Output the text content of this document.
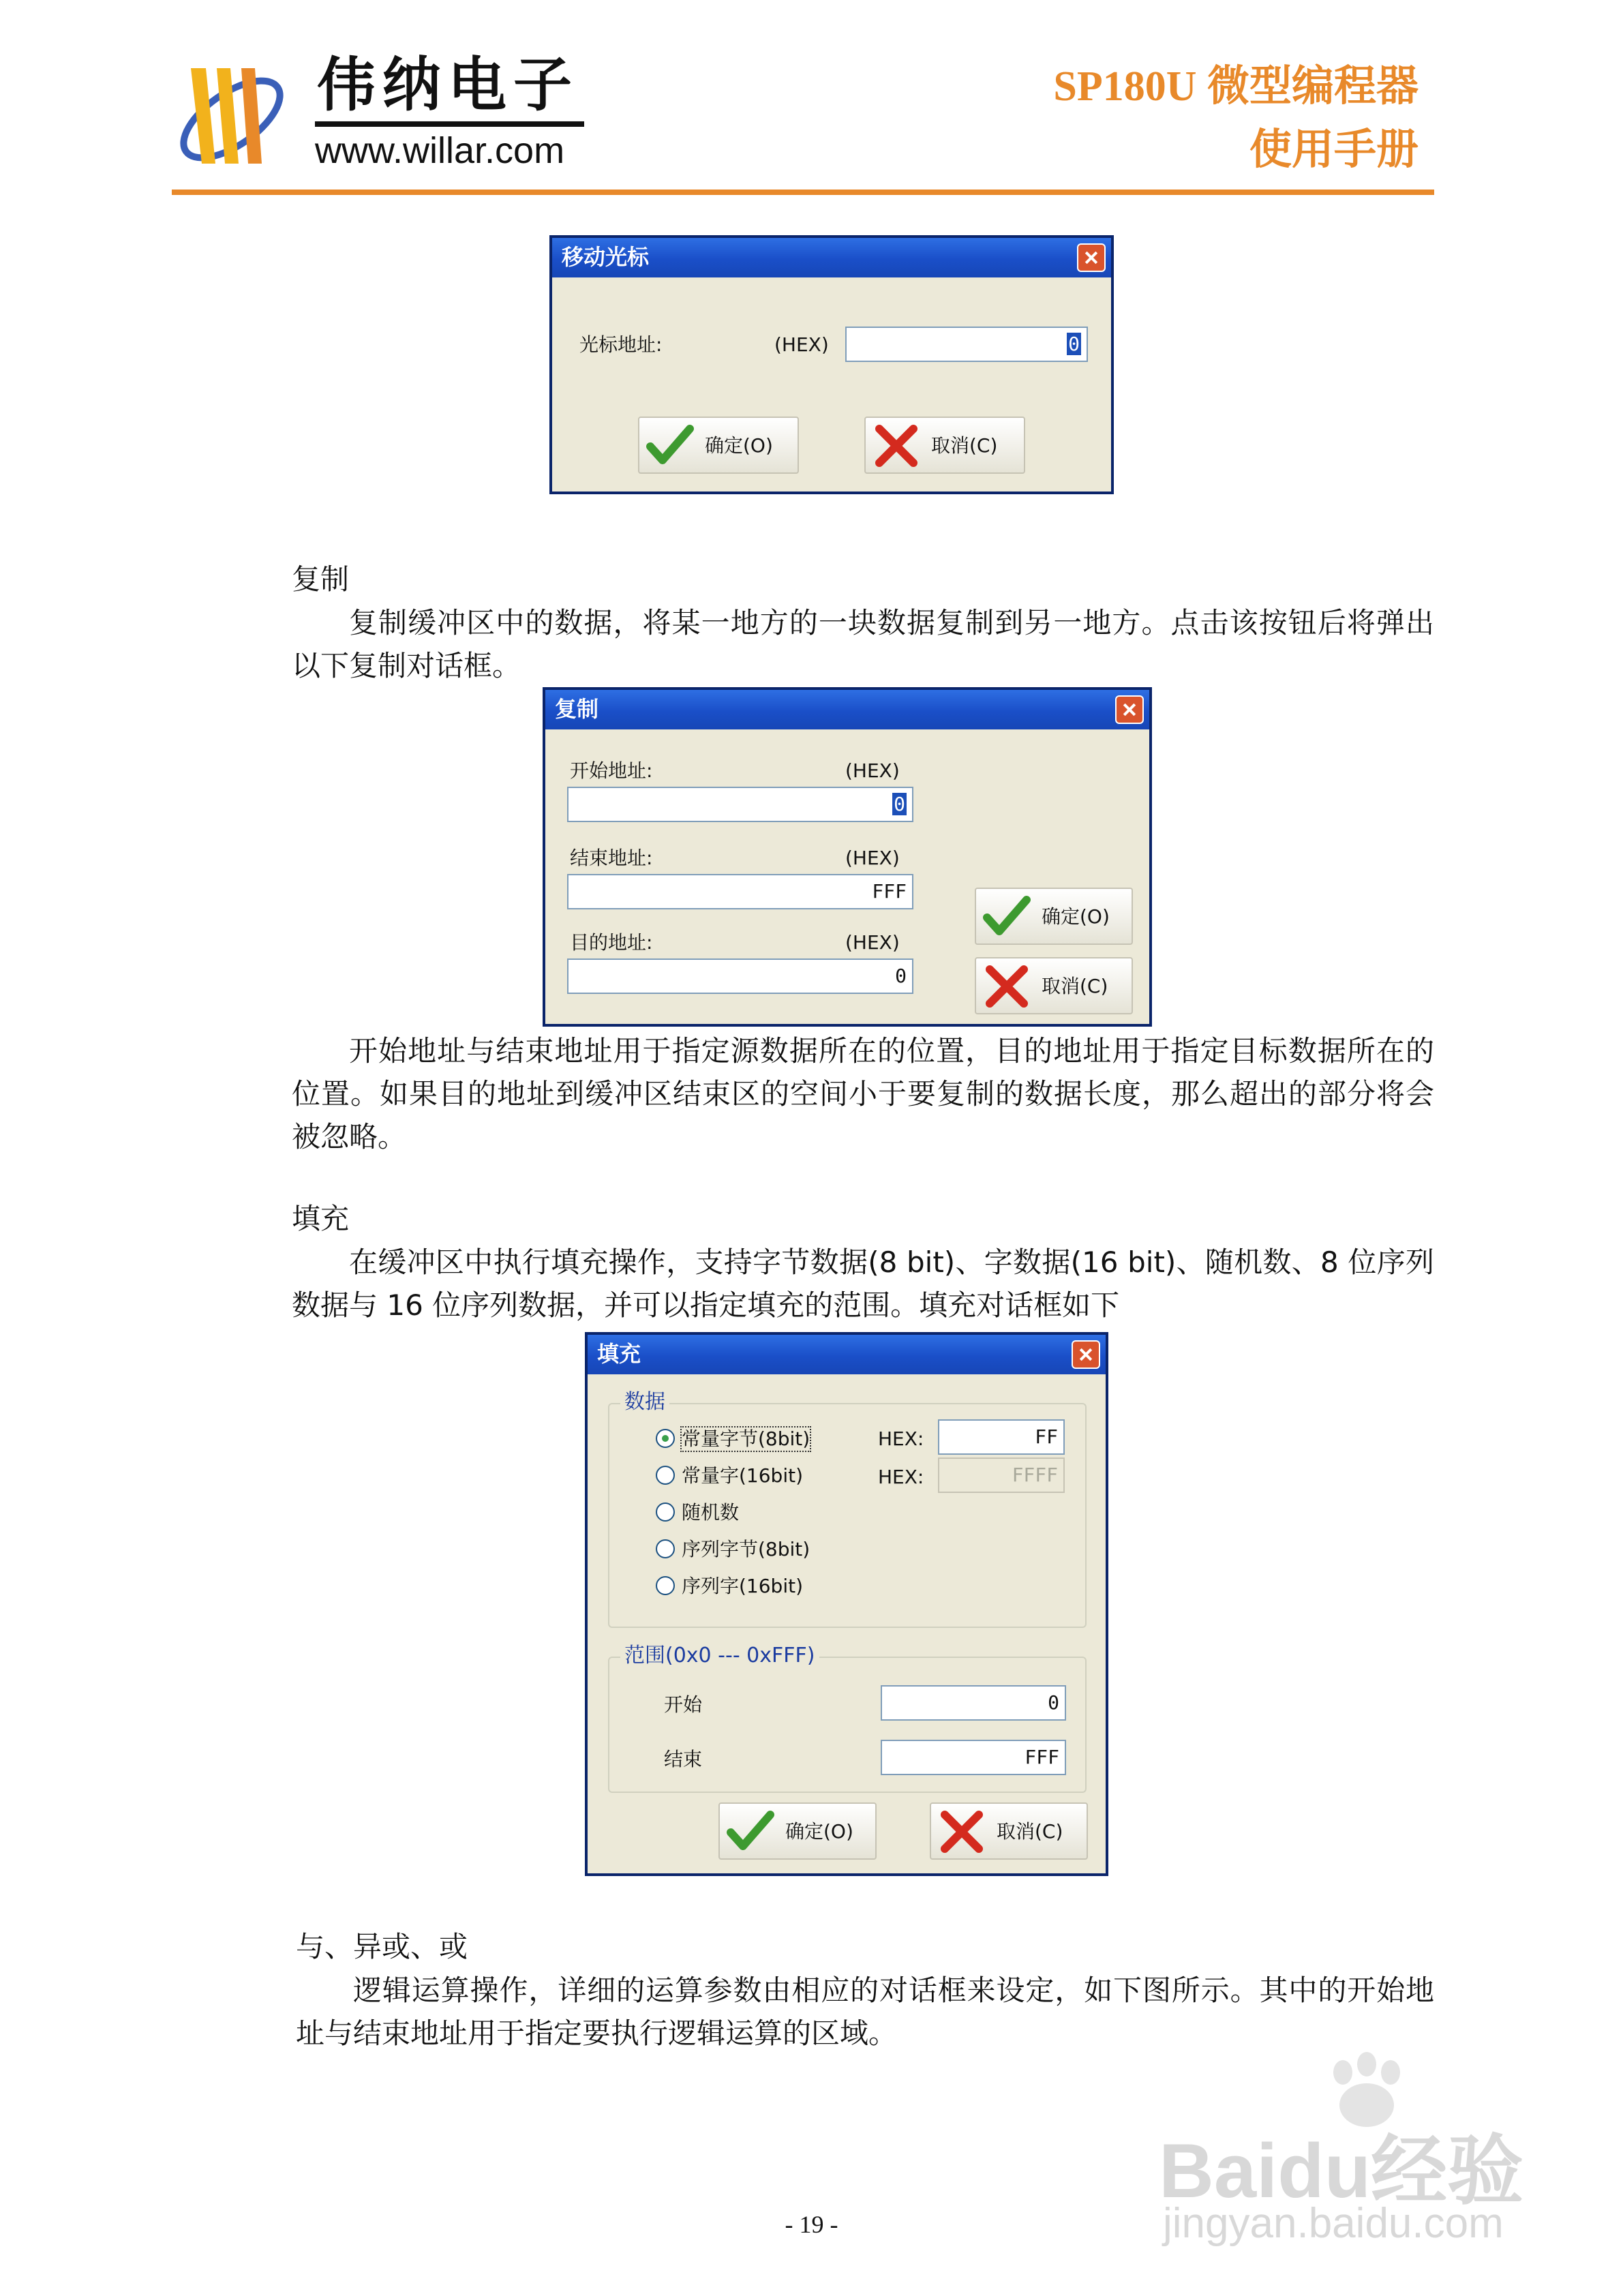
伟纳电子
www.willar.com
SP180U 微型编程器
使用手册
移动光标
光标地址:	(HEX)	0
确定(O)	取消(C)
复制
复制缓冲区中的数据，将某一地方的一块数据复制到另一地方。点击该按钮后将弹出以下复制对话框。
复制
开始地址:	(HEX)
0
结束地址:	(HEX)
FFF
目的地址:	(HEX)
0
确定(O)
取消(C)
开始地址与结束地址用于指定源数据所在的位置，目的地址用于指定目标数据所在的位置。如果目的地址到缓冲区结束区的空间小于要复制的数据长度，那么超出的部分将会被忽略。
填充
在缓冲区中执行填充操作，支持字节数据(8 bit)、字数据(16 bit)、随机数、8 位序列数据与 16 位序列数据，并可以指定填充的范围。填充对话框如下
填充
数据
常量字节(8bit)
常量字(16bit)
随机数
序列字节(8bit)
序列字(16bit)
HEX:	FF
HEX:	FFFF
范围(0x0 --- 0xFFF)
开始	0
结束	FFF
确定(O)	取消(C)
与、异或、或
逻辑运算操作，详细的运算参数由相应的对话框来设定，如下图所示。其中的开始地址与结束地址用于指定要执行逻辑运算的区域。
- 19 -
Baidu经验
jingyan.baidu.com
